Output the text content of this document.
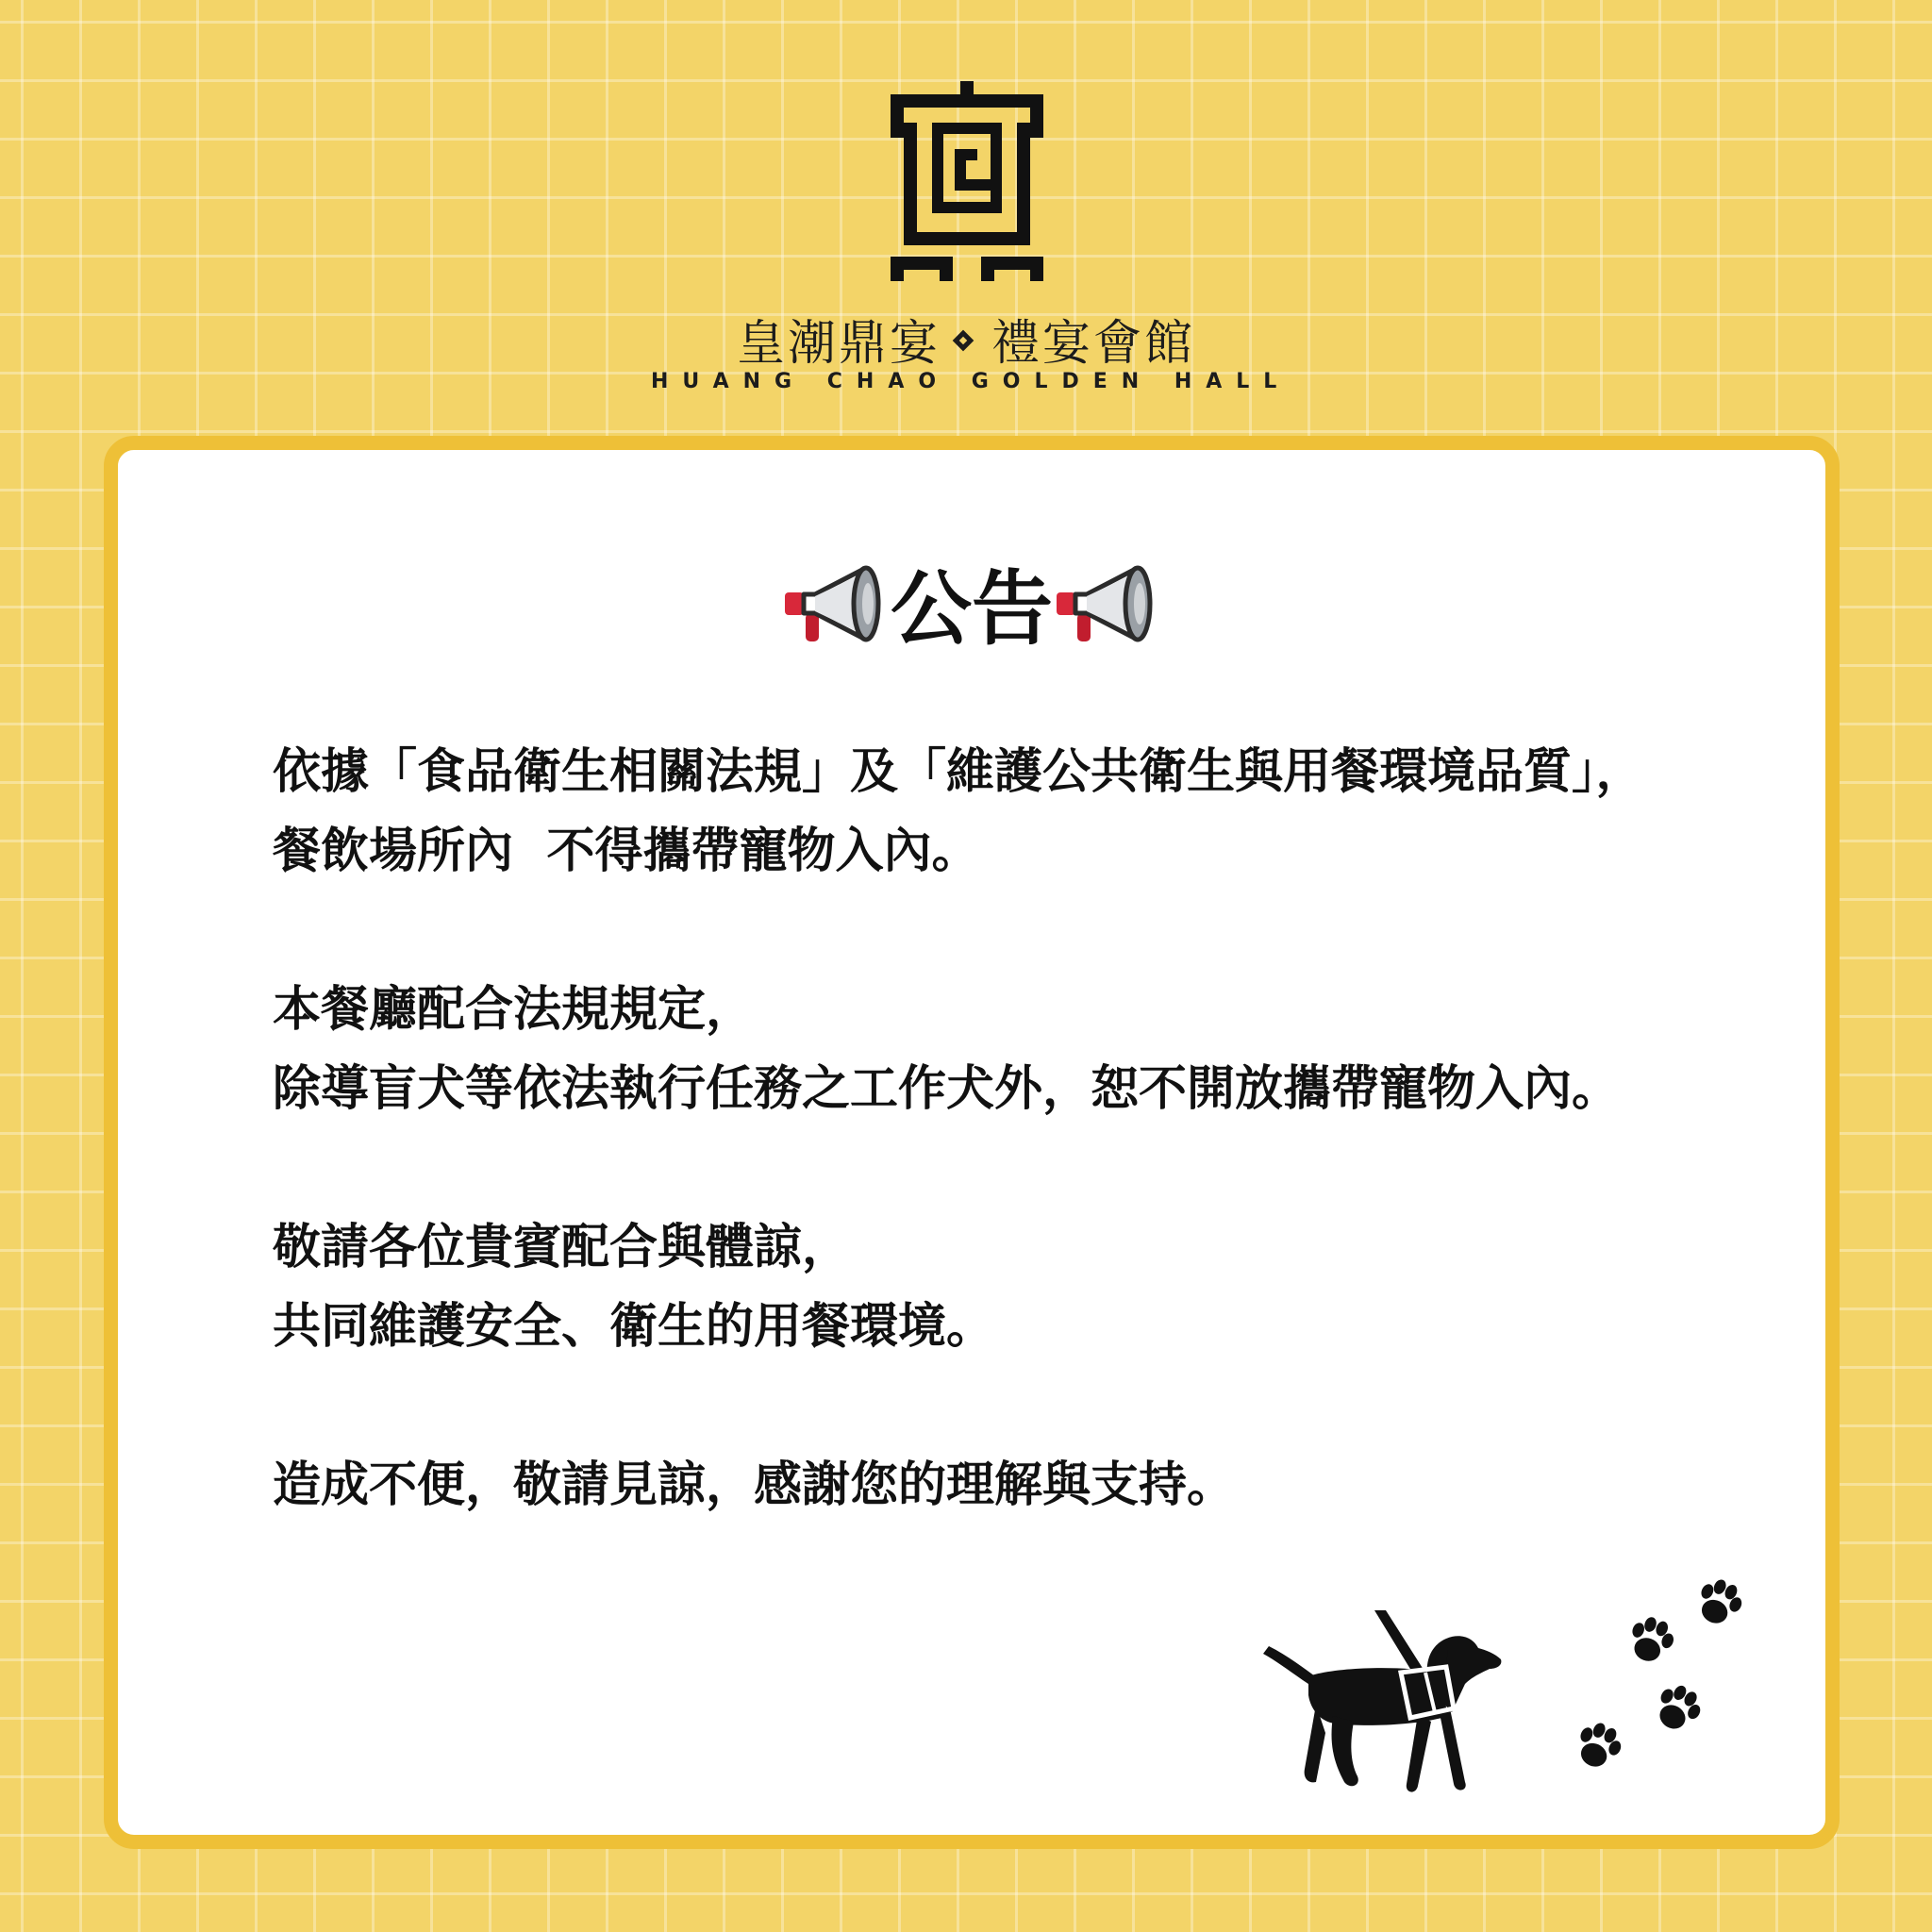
皇潮鼎宴 禮宴會館
HUANG CHAO GOLDEN HALL
公告
依據「食品衛生相關法規」及「維護公共衛生與用餐環境品質」，
餐飲場所內  不得攜帶寵物入內。
本餐廳配合法規規定，
除導盲犬等依法執行任務之工作犬外，恕不開放攜帶寵物入內。
敬請各位貴賓配合與體諒，
共同維護安全、衛生的用餐環境。
造成不便，敬請見諒，感謝您的理解與支持。
